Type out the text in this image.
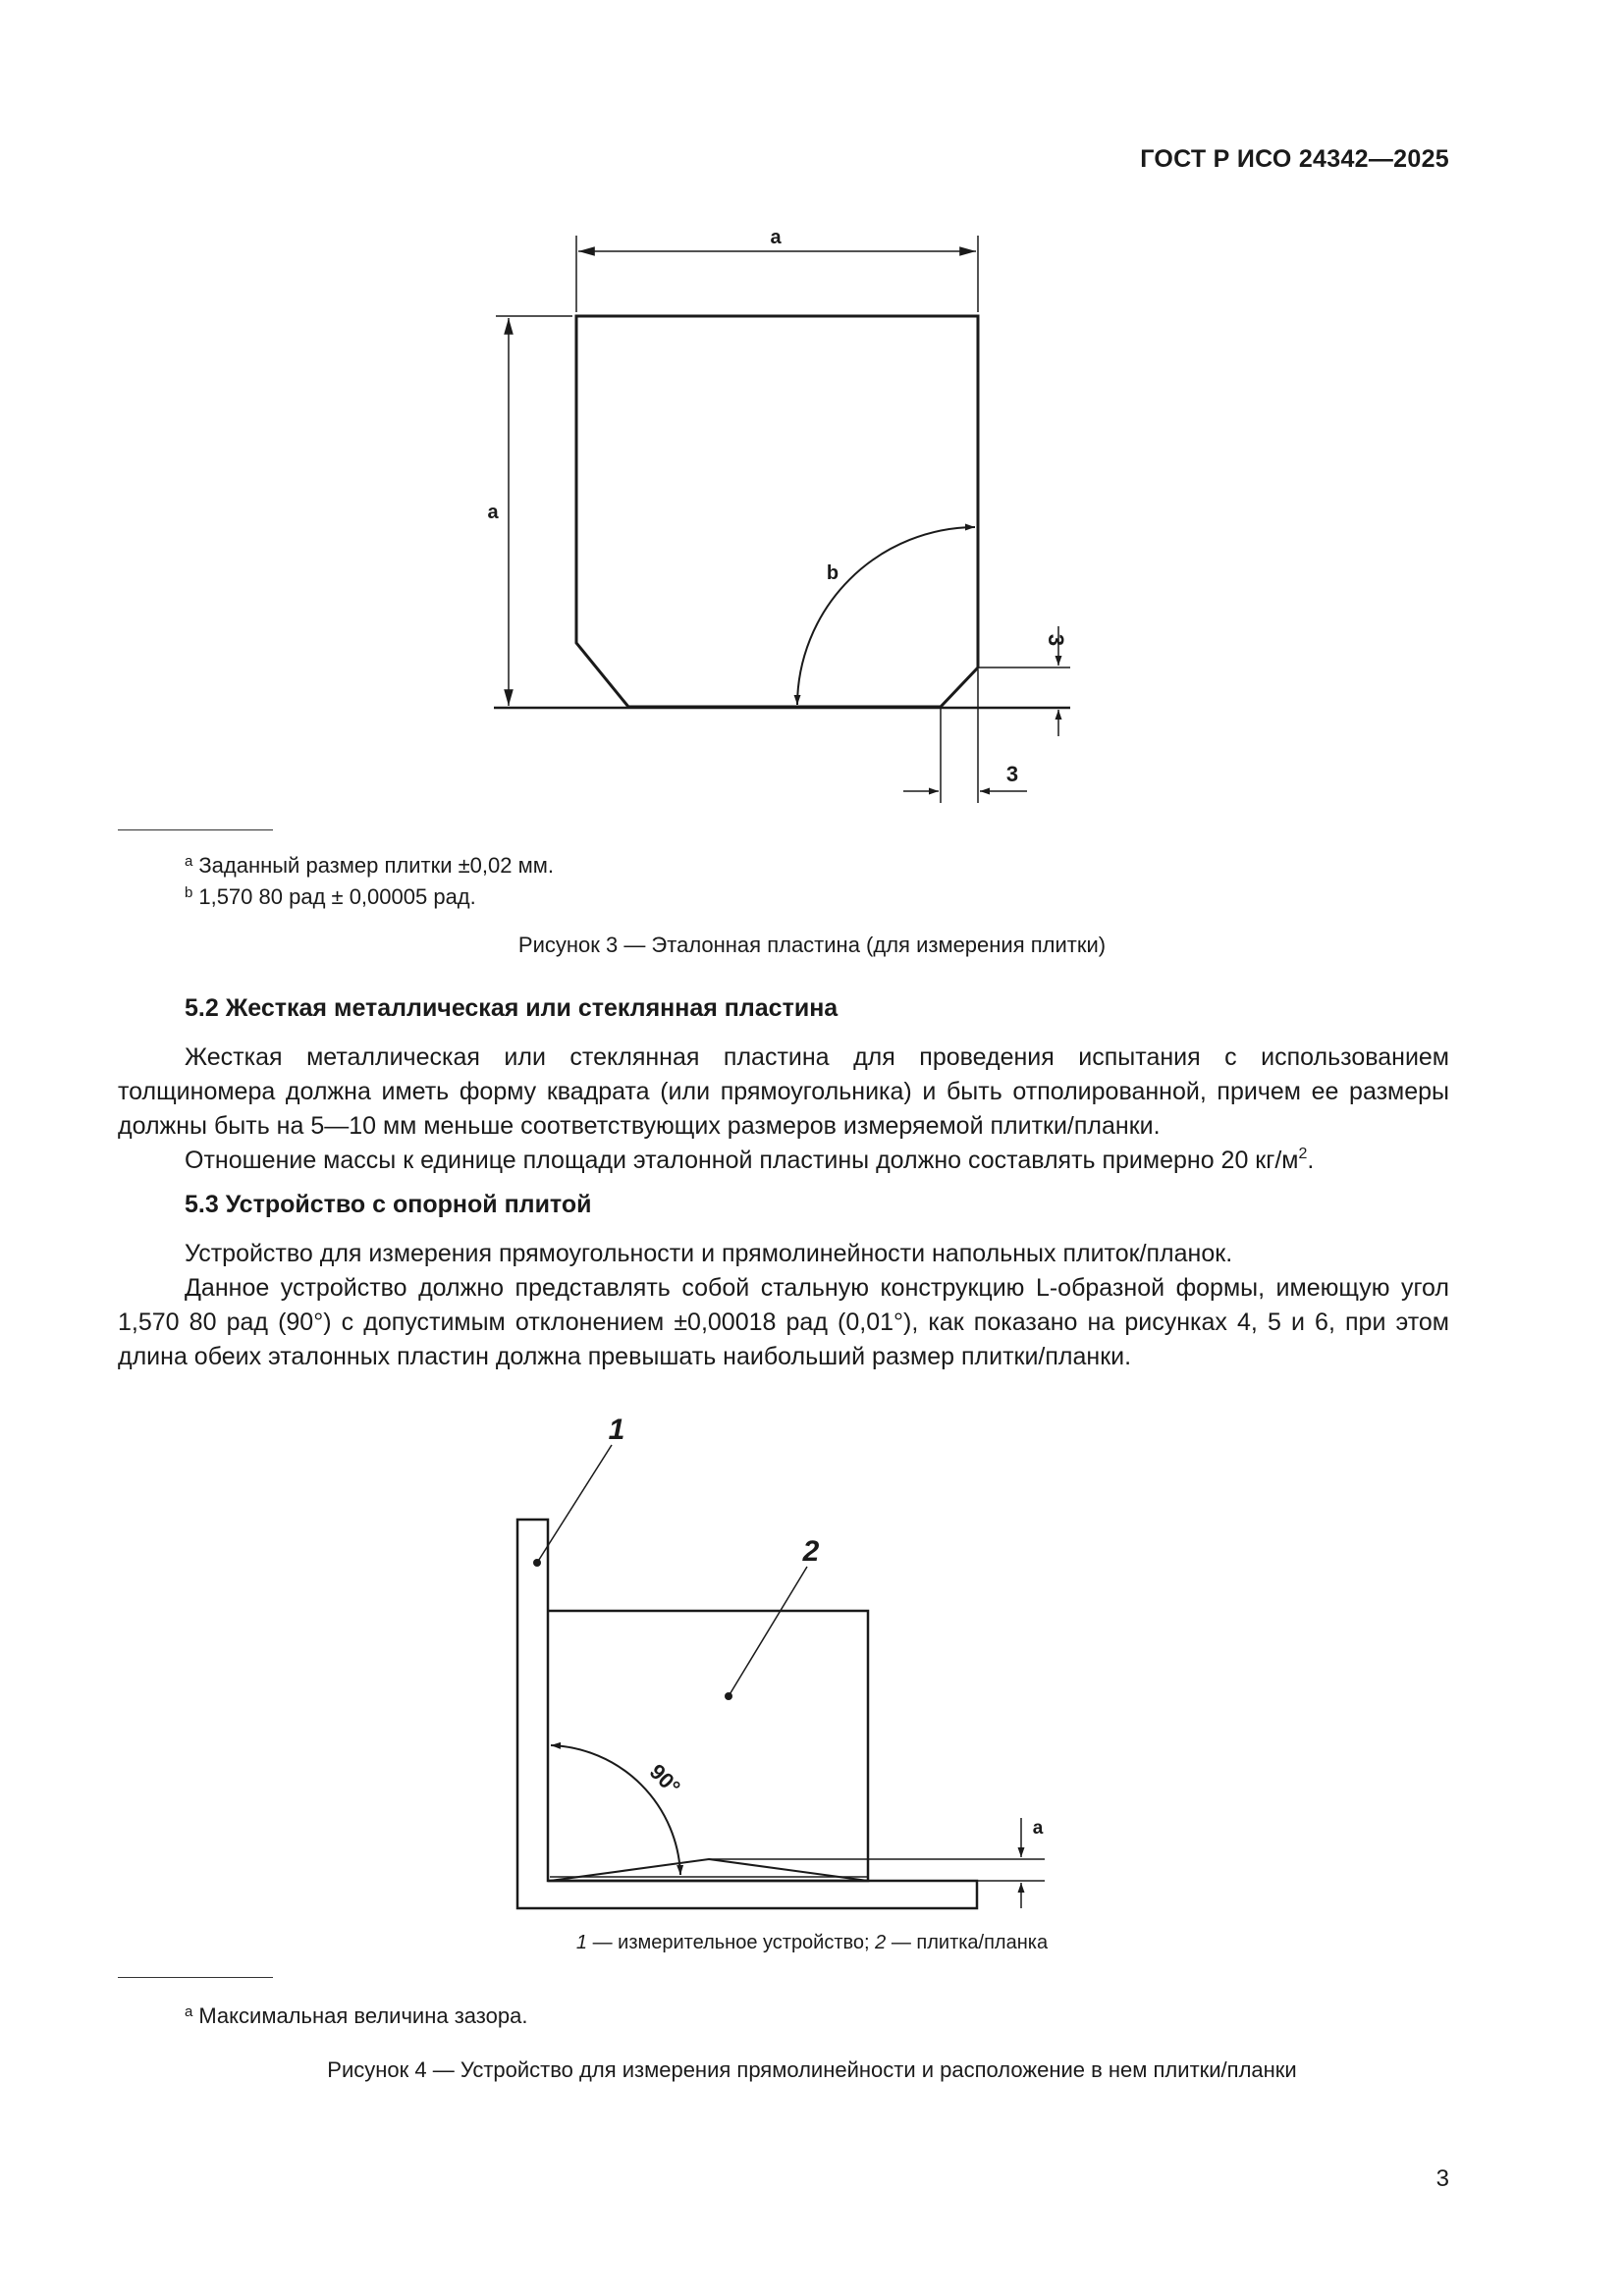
ГОСТ Р ИСО 24342—2025
a
a
b
3
3
$^a$ Заданный размер плитки ±0,02 мм.
$^b$ 1,570 80 рад ± 0,00005 рад.
Рисунок 3 — Эталонная пластина (для измерения плитки)
5.2 Жесткая металлическая или стеклянная пластина

Жесткая металлическая или стеклянная пластина для проведения испытания с использованием толщиномера должна иметь форму квадрата (или прямоугольника) и быть отполированной, причем ее размеры должны быть на 5—10 мм меньше соответствующих размеров измеряемой плитки/планки.

Отношение массы к единице площади эталонной пластины должно составлять примерно 20 $кг/м^2$.

5.3 Устройство с опорной плитой

Устройство для измерения прямоугольности и прямолинейности напольных плиток/планок.

Данное устройство должно представлять собой стальную конструкцию L-образной формы, имеющую угол 1,570 80 рад (90°) с допустимым отклонением ±0,00018 рад (0,01°), как показано на рисунках 4, 5 и 6, при этом длина обеих эталонных пластин должна превышать наибольший размер плитки/планки.

1
2
90°
a
1 — измерительное устройство; 2 — плитка/планка
$^a$ Максимальная величина зазора.
Рисунок 4 — Устройство для измерения прямолинейности и расположение в нем плитки/планки
3
